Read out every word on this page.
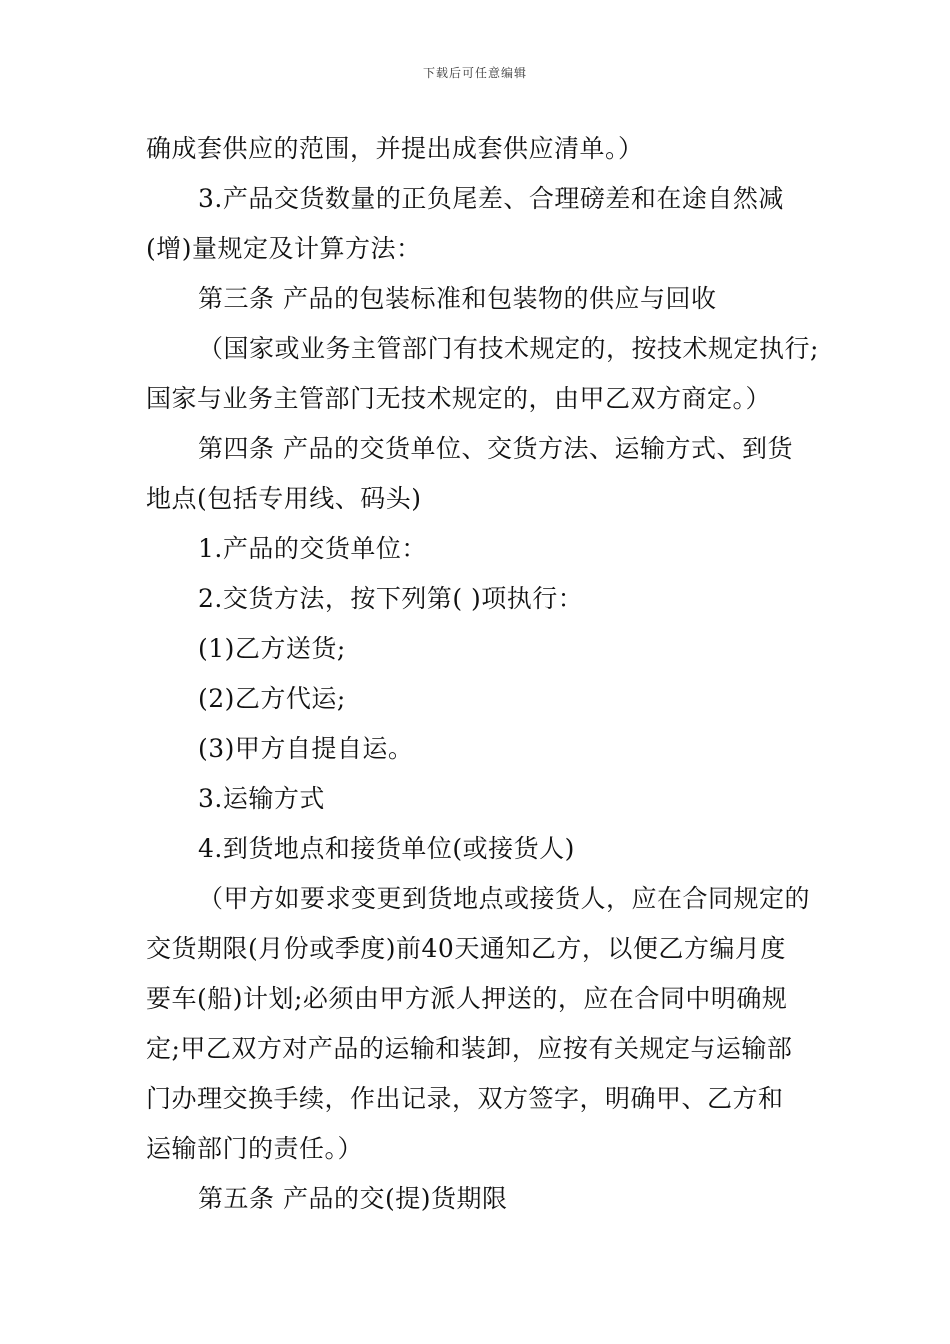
下载后可任意编辑
确成套供应的范围，并提出成套供应清单。）
3.产品交货数量的正负尾差、合理磅差和在途自然减
(增)量规定及计算方法：
第三条 产品的包装标准和包装物的供应与回收
（国家或业务主管部门有技术规定的，按技术规定执行;
国家与业务主管部门无技术规定的，由甲乙双方商定。）
第四条 产品的交货单位、交货方法、运输方式、到货
地点(包括专用线、码头)
1.产品的交货单位：
2.交货方法，按下列第( )项执行：
(1)乙方送货;
(2)乙方代运;
(3)甲方自提自运。
3.运输方式
4.到货地点和接货单位(或接货人)
（甲方如要求变更到货地点或接货人，应在合同规定的
交货期限(月份或季度)前40天通知乙方，以便乙方编月度
要车(船)计划;必须由甲方派人押送的，应在合同中明确规
定;甲乙双方对产品的运输和装卸，应按有关规定与运输部
门办理交换手续，作出记录，双方签字，明确甲、乙方和
运输部门的责任。）
第五条 产品的交(提)货期限
